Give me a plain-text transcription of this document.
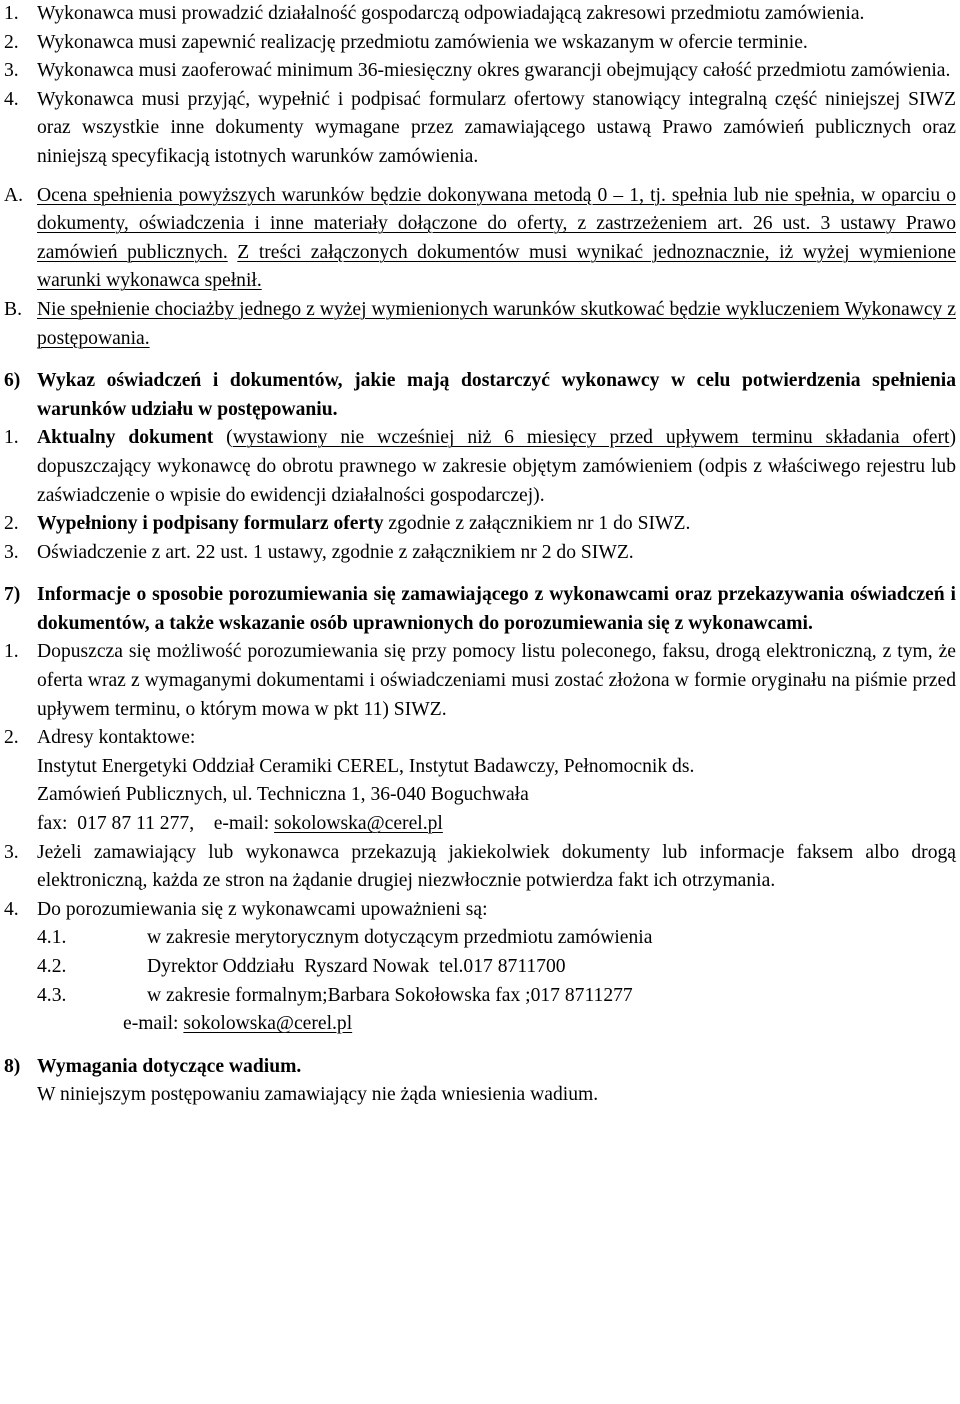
1. Wykonawca musi prowadzić działalność gospodarczą odpowiadającą zakresowi przedmiotu zamówienia.
2. Wykonawca musi zapewnić realizację przedmiotu zamówienia we wskazanym w ofercie terminie.
3. Wykonawca musi zaoferować minimum 36-miesięczny okres gwarancji obejmujący całość przedmiotu zamówienia.
4. Wykonawca musi przyjąć, wypełnić i podpisać formularz ofertowy stanowiący integralną część niniejszej SIWZ oraz wszystkie inne dokumenty wymagane przez zamawiającego ustawą Prawo zamówień publicznych oraz niniejszą specyfikacją istotnych warunków zamówienia.
A. Ocena spełnienia powyższych warunków będzie dokonywana metodą 0 – 1, tj. spełnia lub nie spełnia, w oparciu o dokumenty, oświadczenia i inne materiały dołączone do oferty, z zastrzeżeniem art. 26 ust. 3 ustawy Prawo zamówień publicznych. Z treści załączonych dokumentów musi wynikać jednoznacznie, iż wyżej wymienione warunki wykonawca spełnił.
B. Nie spełnienie chociażby jednego z wyżej wymienionych warunków skutkować będzie wykluczeniem Wykonawcy z postępowania.
6) Wykaz oświadczeń i dokumentów, jakie mają dostarczyć wykonawcy w celu potwierdzenia spełnienia warunków udziału w postępowaniu.
1. Aktualny dokument (wystawiony nie wcześniej niż 6 miesięcy przed upływem terminu składania ofert) dopuszczający wykonawcę do obrotu prawnego w zakresie objętym zamówieniem (odpis z właściwego rejestru lub zaświadczenie o wpisie do ewidencji działalności gospodarczej).
2. Wypełniony i podpisany formularz oferty zgodnie z załącznikiem nr 1 do SIWZ.
3. Oświadczenie z art. 22 ust. 1 ustawy, zgodnie z załącznikiem nr 2 do SIWZ.
7) Informacje o sposobie porozumiewania się zamawiającego z wykonawcami oraz przekazywania oświadczeń i dokumentów, a także wskazanie osób uprawnionych do porozumiewania się z wykonawcami.
1. Dopuszcza się możliwość porozumiewania się przy pomocy listu poleconego, faksu, drogą elektroniczną, z tym, że oferta wraz z wymaganymi dokumentami i oświadczeniami musi zostać złożona w formie oryginału na piśmie przed upływem terminu, o którym mowa w pkt 11) SIWZ.
2. Adresy kontaktowe:
Instytut Energetyki Oddział Ceramiki CEREL, Instytut Badawczy, Pełnomocnik ds.
Zamówień Publicznych, ul. Techniczna 1, 36-040 Boguchwała
fax:  017 87 11 277, e-mail: sokolowska@cerel.pl
3. Jeżeli zamawiający lub wykonawca przekazują jakiekolwiek dokumenty lub informacje faksem albo drogą elektroniczną, każda ze stron na żądanie drugiej niezwłocznie potwierdza fakt ich otrzymania.
4. Do porozumiewania się z wykonawcami upoważnieni są:
4.1.	w zakresie merytorycznym dotyczącym przedmiotu zamówienia
4.2.	Dyrektor Oddziału  Ryszard Nowak  tel.017 8711700
4.3.	w zakresie formalnym;Barbara Sokołowska fax ;017 8711277
e-mail: sokolowska@cerel.pl
8) Wymagania dotyczące wadium.
W niniejszym postępowaniu zamawiający nie żąda wniesienia wadium.
